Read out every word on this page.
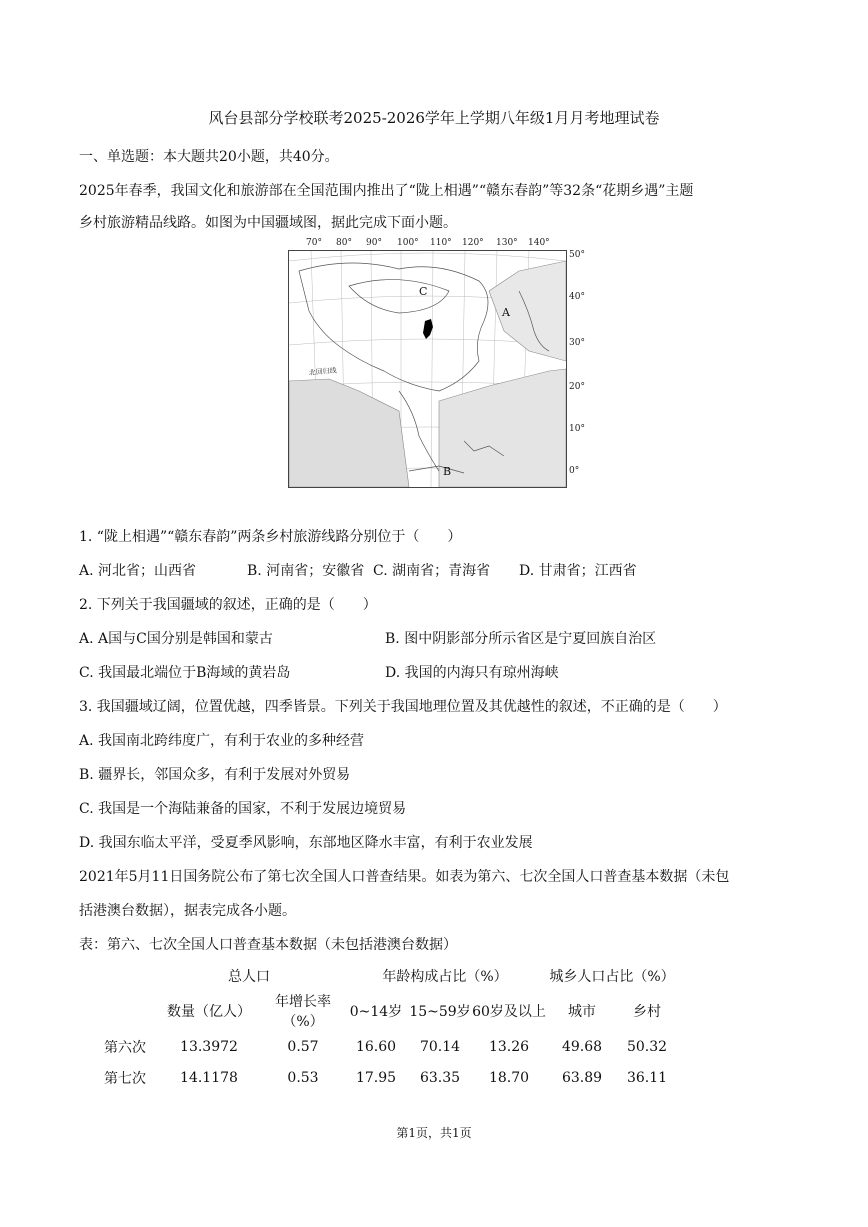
风台县部分学校联考2025-2026学年上学期八年级1月月考地理试卷
一、单选题：本大题共20小题，共40分。
2025年春季，我国文化和旅游部在全国范围内推出了“陇上相遇”“赣东春韵”等32条“花期乡遇”主题
乡村旅游精品线路。如图为中国疆域图，据此完成下面小题。
70° 80° 90° 100° 110° 120° 130° 140°
北回归线
C
A
B
50°
40°
30°
20°
10°
0°
1. “陇上相遇”“赣东春韵”两条乡村旅游线路分别位于（　　）
A. 河北省；山西省	B. 河南省；安徽省 C. 湖南省；青海省 D. 甘肃省；江西省
2. 下列关于我国疆域的叙述，正确的是（　　）
A. A国与C国分别是韩国和蒙古	B. 图中阴影部分所示省区是宁夏回族自治区
C. 我国最北端位于B海域的黄岩岛	D. 我国的内海只有琼州海峡
3. 我国疆域辽阔，位置优越，四季皆景。下列关于我国地理位置及其优越性的叙述，不正确的是（　　）
A. 我国南北跨纬度广，有利于农业的多种经营
B. 疆界长，邻国众多，有利于发展对外贸易
C. 我国是一个海陆兼备的国家，不利于发展边境贸易
D. 我国东临太平洋，受夏季风影响，东部地区降水丰富，有利于农业发展
2021年5月11日国务院公布了第七次全国人口普查结果。如表为第六、七次全国人口普查基本数据（未包
括港澳台数据），据表完成各小题。
表：第六、七次全国人口普查基本数据（未包括港澳台数据）
	总人口		年龄构成占比（%）			城乡人口占比（%）	
	数量（亿人）	年增长率（%）	0~14岁	15~59岁	60岁及以上	城市	乡村
第六次	13.3972	0.57	16.60	70.14	13.26	49.68	50.32
第七次	14.1178	0.53	17.95	63.35	18.70	63.89	36.11
第1页，共1页
